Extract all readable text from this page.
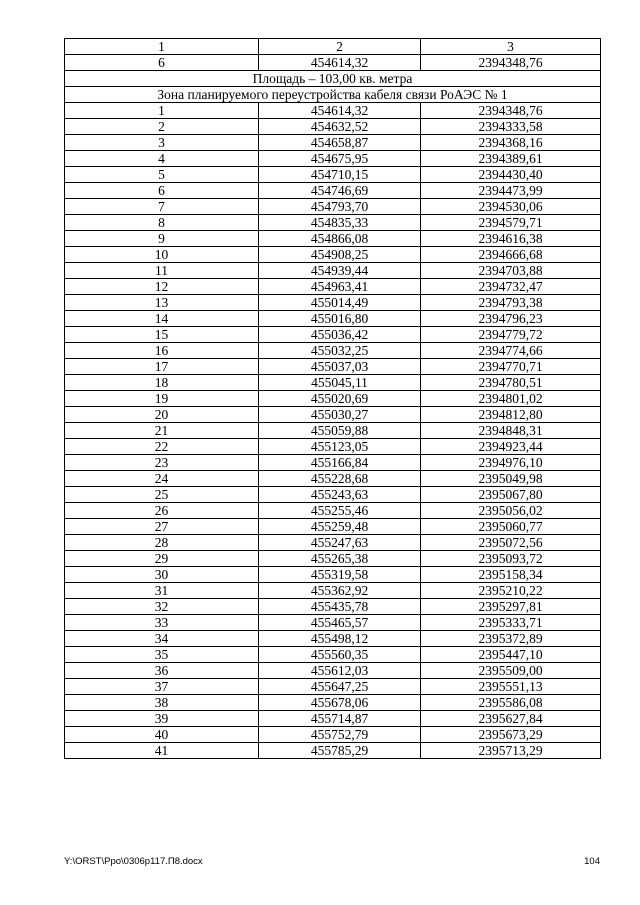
1	2	3
6	454614,32	2394348,76
Площадь – 103,00 кв. метра		
Зона планируемого переустройства кабеля связи РоАЭС № 1		
1	454614,32	2394348,76
2	454632,52	2394333,58
3	454658,87	2394368,16
4	454675,95	2394389,61
5	454710,15	2394430,40
6	454746,69	2394473,99
7	454793,70	2394530,06
8	454835,33	2394579,71
9	454866,08	2394616,38
10	454908,25	2394666,68
11	454939,44	2394703,88
12	454963,41	2394732,47
13	455014,49	2394793,38
14	455016,80	2394796,23
15	455036,42	2394779,72
16	455032,25	2394774,66
17	455037,03	2394770,71
18	455045,11	2394780,51
19	455020,69	2394801,02
20	455030,27	2394812,80
21	455059,88	2394848,31
22	455123,05	2394923,44
23	455166,84	2394976,10
24	455228,68	2395049,98
25	455243,63	2395067,80
26	455255,46	2395056,02
27	455259,48	2395060,77
28	455247,63	2395072,56
29	455265,38	2395093,72
30	455319,58	2395158,34
31	455362,92	2395210,22
32	455435,78	2395297,81
33	455465,57	2395333,71
34	455498,12	2395372,89
35	455560,35	2395447,10
36	455612,03	2395509,00
37	455647,25	2395551,13
38	455678,06	2395586,08
39	455714,87	2395627,84
40	455752,79	2395673,29
41	455785,29	2395713,29
Y:\ORST\Ppo\0306p117.П8.docx	104
